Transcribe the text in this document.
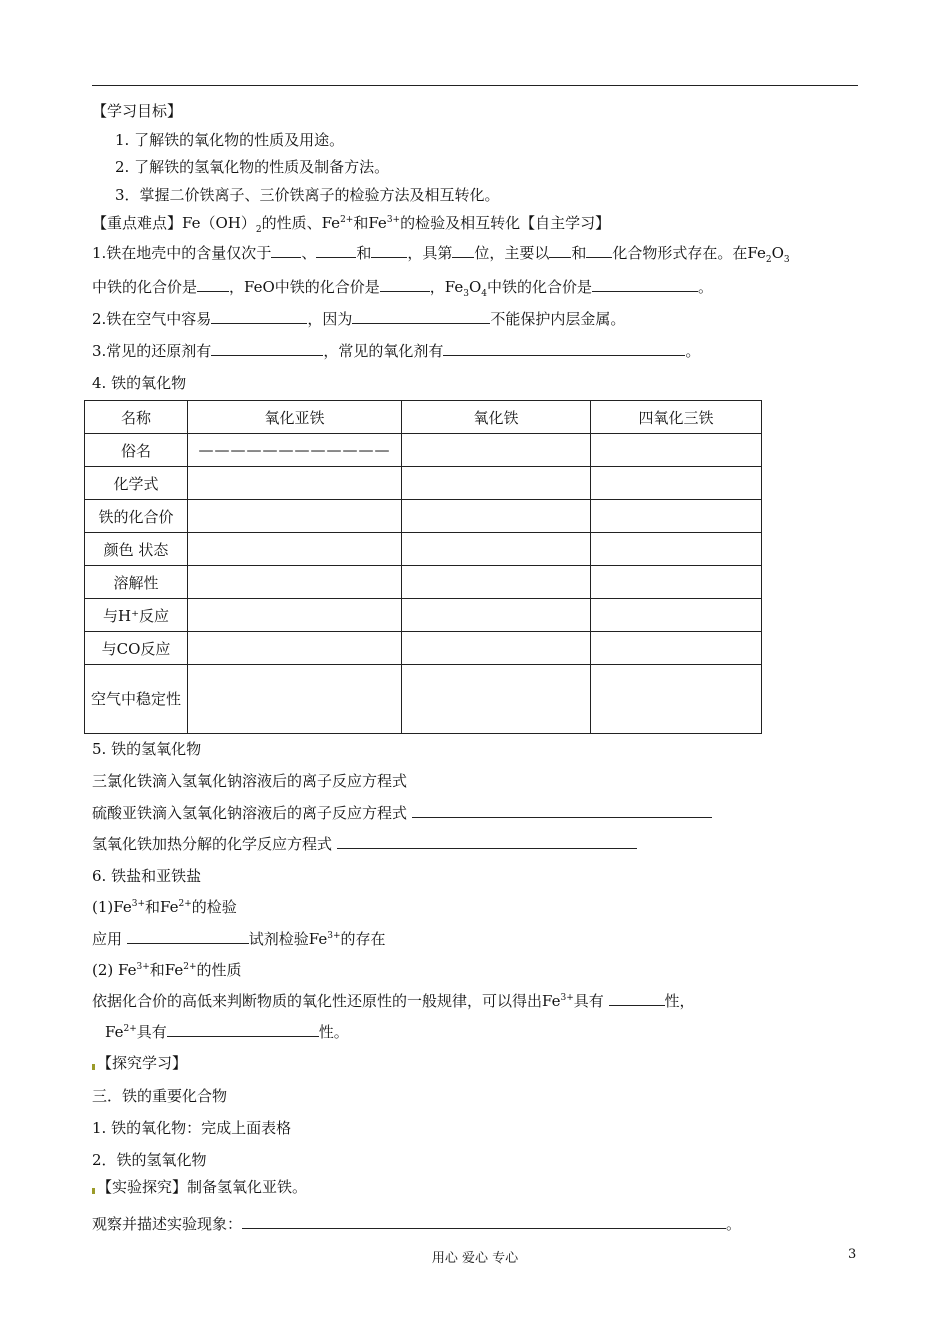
【学习目标】
1. 了解铁的氧化物的性质及用途。
2. 了解铁的氢氧化物的性质及制备方法。
3．掌握二价铁离子、三价铁离子的检验方法及相互转化。
【重点难点】$Fe(OH)_2$的性质、$Fe^{2+}$和$Fe^{3+}$的检验及相互转化【自主学习】
1.铁在地壳中的含量仅次于 、	和 ，具第 位，主要以 和 化合物形式存在。在$Fe_2O_3$
中铁的化合价是 ，FeO中铁的化合价是	，$Fe_3O_4$中铁的化合价是	。
2.铁在空气中容易	，因为	不能保护内层金属。
3.常见的还原剂有	，常见的氧化剂有	。
4. 铁的氧化物
名称	氧化亚铁	氧化铁	四氧化三铁
俗名	————————————		
化学式			
铁的化合价			
颜色 状态			
溶解性			
与H⁺反应			
与CO反应			
空气中稳定性			
5. 铁的氢氧化物
三氯化铁滴入氢氧化钠溶液后的离子反应方程式
硫酸亚铁滴入氢氧化钠溶液后的离子反应方程式
氢氧化铁加热分解的化学反应方程式
6. 铁盐和亚铁盐
$(1)Fe^{3+}$和$Fe^{2+}$的检验
应用	试剂检验$Fe^{3+}$的存在
(2) $Fe^{3+}$和$Fe^{2+}$的性质
依据化合价的高低来判断物质的氧化性还原性的一般规律，可以得出$Fe^{3+}$具有	性，
$Fe^{2+}$具有	性。
【探究学习】
三．铁的重要化合物
1. 铁的氧化物：完成上面表格
2．铁的氢氧化物
【实验探究】制备氢氧化亚铁。
观察并描述实验现象：	。
用心 爱心 专心	3
